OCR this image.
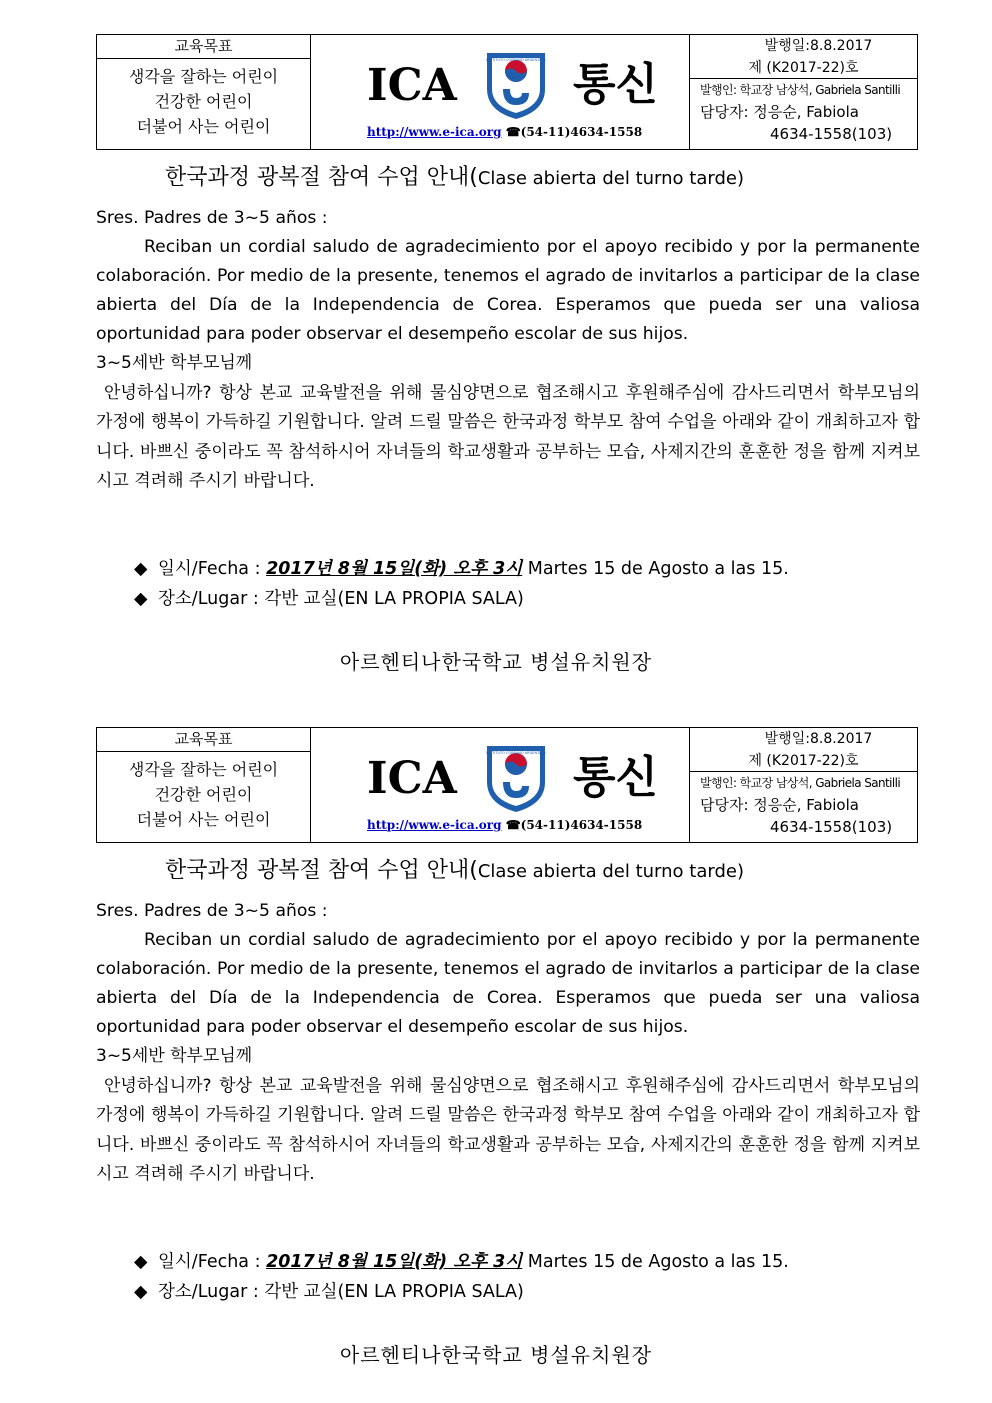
교육목표
생각을 잘하는 어린이
건강한 어린이
더불어 사는 어린이
ICA	INSTITUTO COREANO ARGENTINO 통신
http://www.e-ica.org ☎(54-11)4634-1558
발행일:8.8.2017
제 (K2017-22)호
발행인: 학교장 남상석, Gabriela Santilli
담당자: 정응순, Fabiola
4634-1558(103)
한국과정 광복절 참여 수업 안내(Clase abierta del turno tarde)

Sres. Padres de 3~5 años :

Reciban un cordial saludo de agradecimiento por el apoyo recibido y por la permanente colaboración. Por medio de la presente, tenemos el agrado de invitarlos a participar de la clase abierta del Día de la Independencia de Corea. Esperamos que pueda ser una valiosa oportunidad para poder observar el desempeño escolar de sus hijos.

3~5세반 학부모님께

안녕하십니까? 항상 본교 교육발전을 위해 물심양면으로 협조해시고 후원해주심에 감사드리면서 학부모님의 가정에 행복이 가득하길 기원합니다. 알려 드릴 말씀은 한국과정 학부모 참여 수업을 아래와 같이 개최하고자 합니다. 바쁘신 중이라도 꼭 참석하시어 자녀들의 학교생활과 공부하는 모습, 사제지간의 훈훈한 정을 함께 지켜보시고 격려해 주시기 바랍니다.

◆ 일시/Fecha : 2017년 8월 15일(화) 오후 3시 Martes 15 de Agosto a las 15.
◆ 장소/Lugar : 각반 교실(EN LA PROPIA SALA)
아르헨티나한국학교 병설유치원장
교육목표
생각을 잘하는 어린이
건강한 어린이
더불어 사는 어린이
ICA	INSTITUTO COREANO ARGENTINO 통신
http://www.e-ica.org ☎(54-11)4634-1558
발행일:8.8.2017
제 (K2017-22)호
발행인: 학교장 남상석, Gabriela Santilli
담당자: 정응순, Fabiola
4634-1558(103)
한국과정 광복절 참여 수업 안내(Clase abierta del turno tarde)

Sres. Padres de 3~5 años :

Reciban un cordial saludo de agradecimiento por el apoyo recibido y por la permanente colaboración. Por medio de la presente, tenemos el agrado de invitarlos a participar de la clase abierta del Día de la Independencia de Corea. Esperamos que pueda ser una valiosa oportunidad para poder observar el desempeño escolar de sus hijos.

3~5세반 학부모님께

안녕하십니까? 항상 본교 교육발전을 위해 물심양면으로 협조해시고 후원해주심에 감사드리면서 학부모님의 가정에 행복이 가득하길 기원합니다. 알려 드릴 말씀은 한국과정 학부모 참여 수업을 아래와 같이 개최하고자 합니다. 바쁘신 중이라도 꼭 참석하시어 자녀들의 학교생활과 공부하는 모습, 사제지간의 훈훈한 정을 함께 지켜보시고 격려해 주시기 바랍니다.

◆ 일시/Fecha : 2017년 8월 15일(화) 오후 3시 Martes 15 de Agosto a las 15.
◆ 장소/Lugar : 각반 교실(EN LA PROPIA SALA)
아르헨티나한국학교 병설유치원장
